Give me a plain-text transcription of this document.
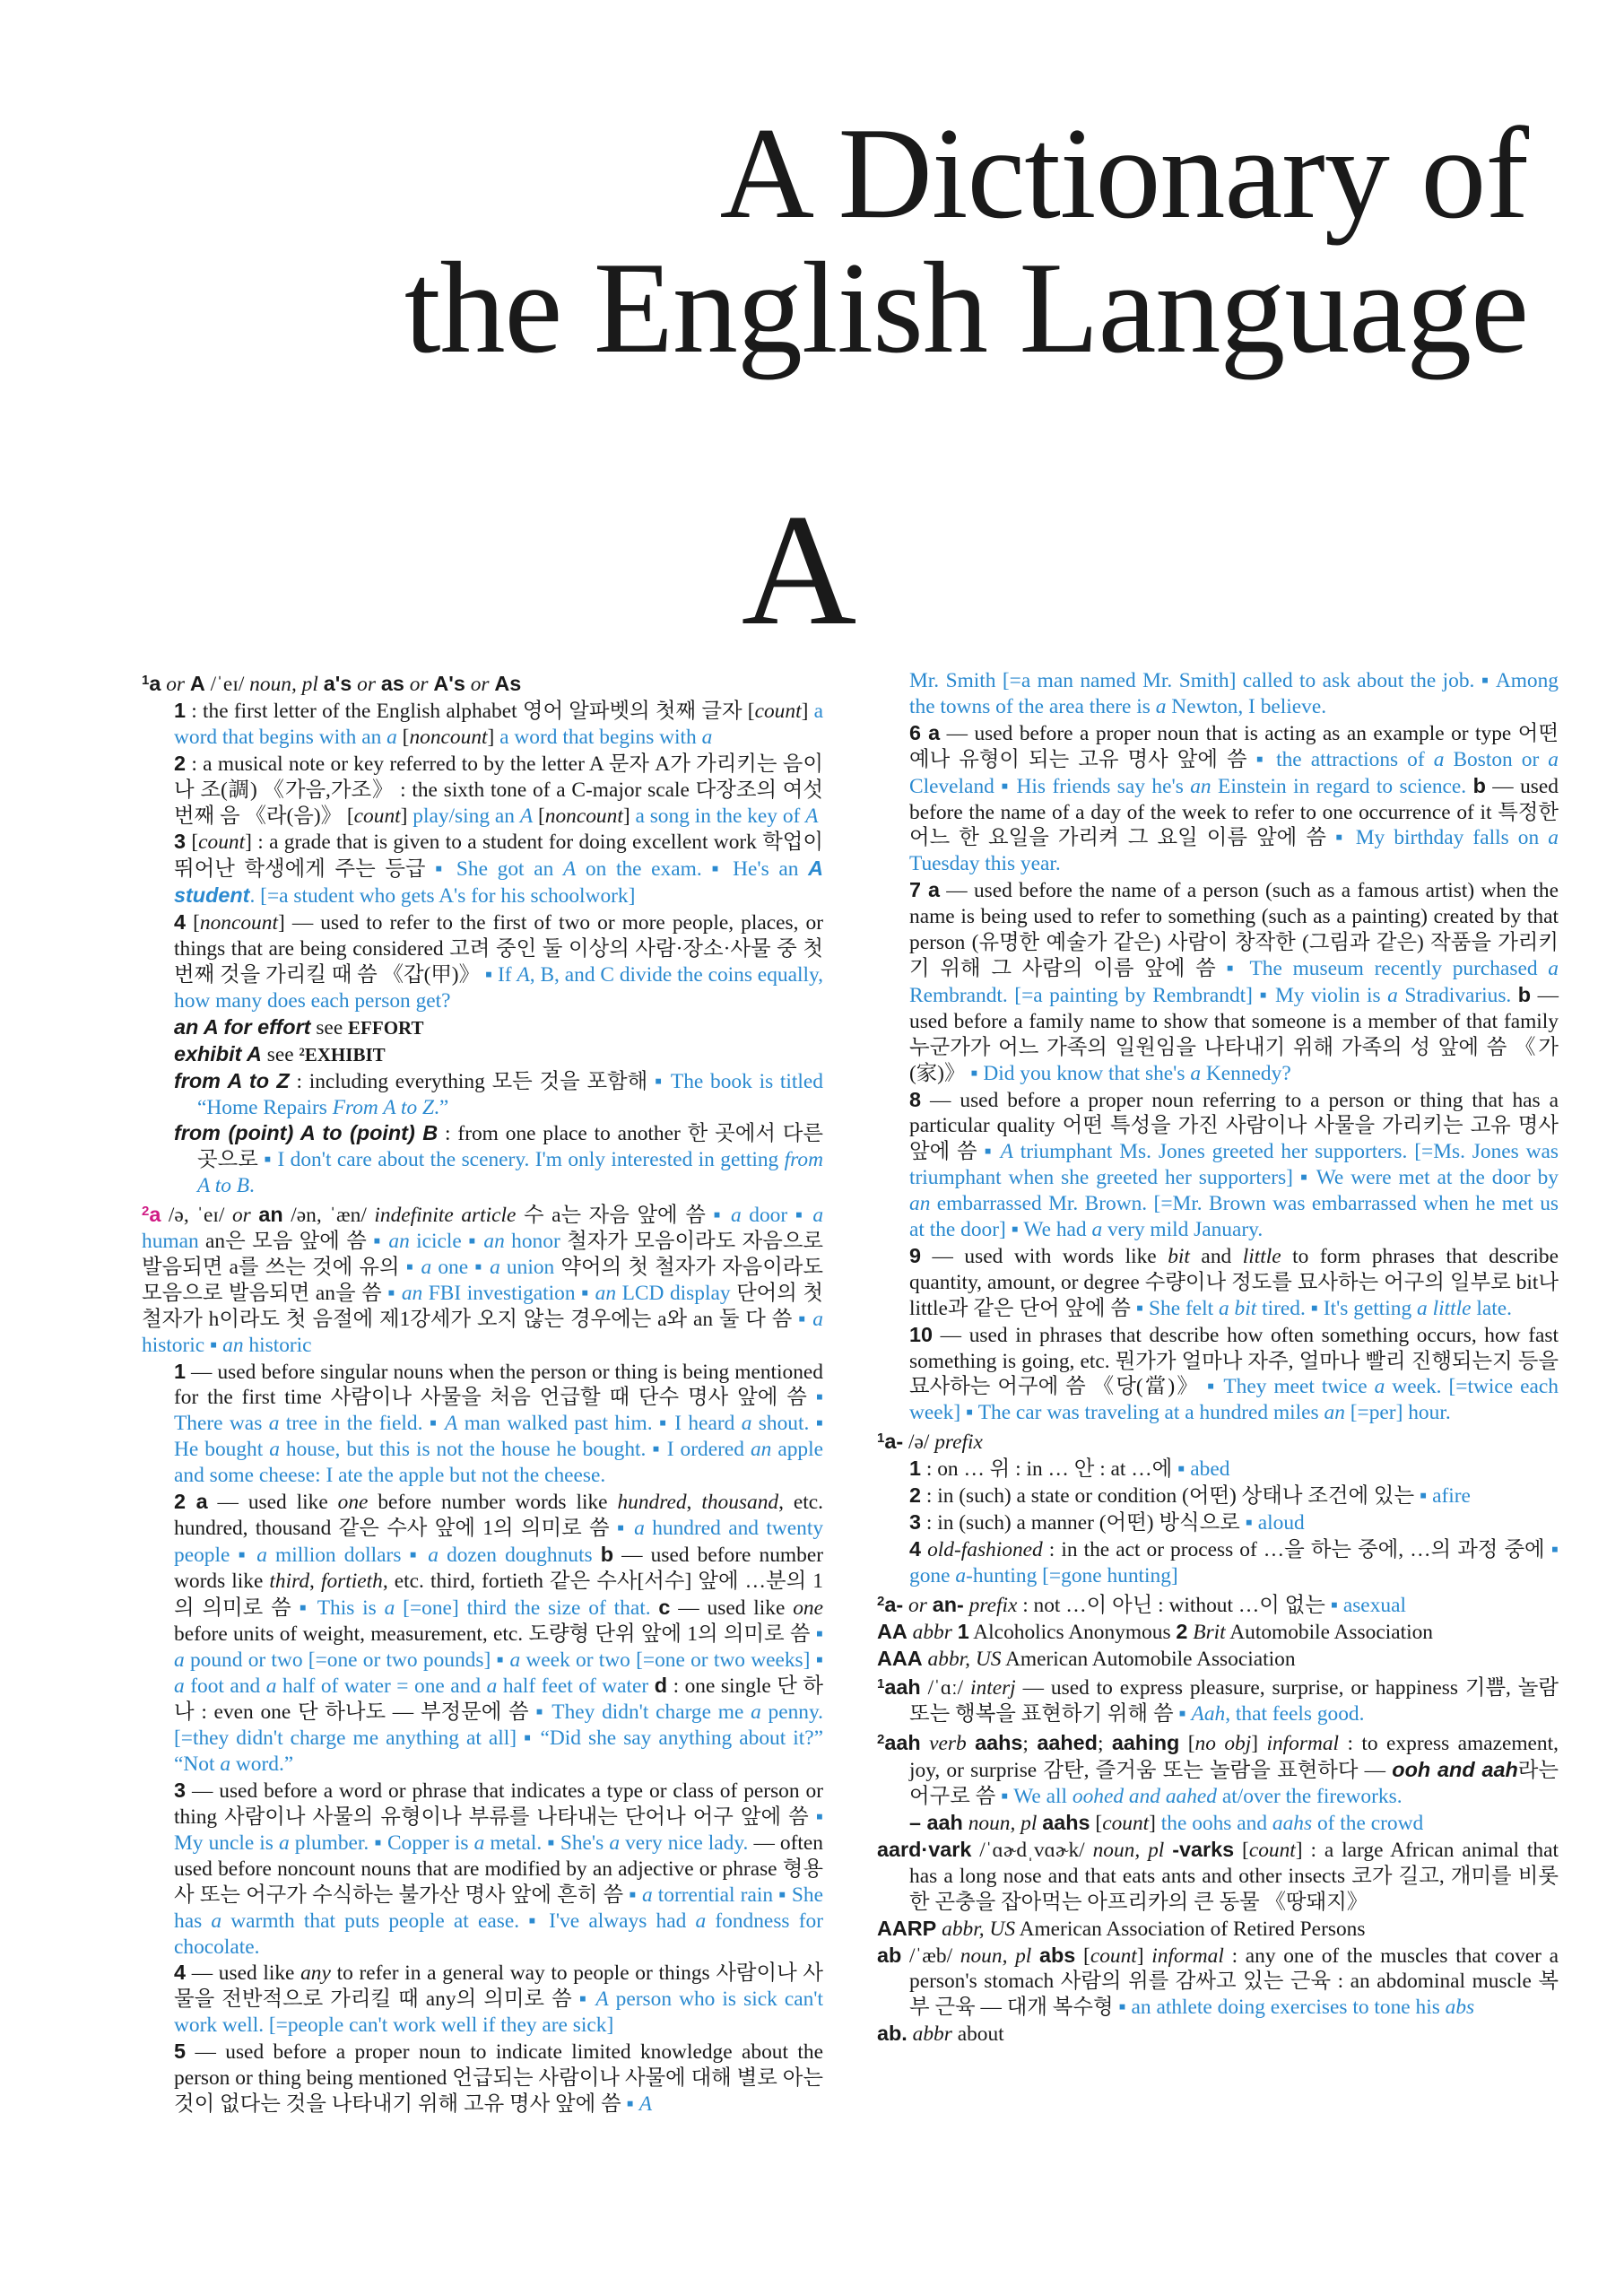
A Dictionary of
the English Language
A

$^1$a or A /ˈeɪ/ noun, pl a's or as or A's or As

1 : the first letter of the English alphabet 영어 알파벳의 첫째 글자 [count] a word that begins with an a [noncount] a word that begins with a

2 : a musical note or key referred to by the letter A 문자 A가 가리키는 음이나 조(調) 《가음,가조》 : the sixth tone of a C-major scale 다장조의 여섯 번째 음 《라(음)》 [count] play/sing an A [noncount] a song in the key of A

3 [count] : a grade that is given to a student for doing excellent work 학업이 뛰어난 학생에게 주는 등급 ▪ She got an A on the exam. ▪ He's an A student. [=a student who gets A's for his schoolwork]

4 [noncount] — used to refer to the first of two or more people, places, or things that are being considered 고려 중인 둘 이상의 사람·장소·사물 중 첫 번째 것을 가리킬 때 씀 《갑(甲)》 ▪ If A, B, and C divide the coins equally, how many does each person get?

an A for effort see EFFORT

exhibit A see ²EXHIBIT

from A to Z : including everything 모든 것을 포함해 ▪ The book is titled “Home Repairs From A to Z.”

from (point) A to (point) B : from one place to another 한 곳에서 다른 곳으로 ▪ I don't care about the scenery. I'm only interested in getting from A to B.

$^2$a /ə, ˈeɪ/ or an /ən, ˈæn/ indefinite article 수 a는 자음 앞에 씀 ▪ a door ▪ a human an은 모음 앞에 씀 ▪ an icicle ▪ an honor 철자가 모음이라도 자음으로 발음되면 a를 쓰는 것에 유의 ▪ a one ▪ a union 약어의 첫 철자가 자음이라도 모음으로 발음되면 an을 씀 ▪ an FBI investigation ▪ an LCD display 단어의 첫 철자가 h이라도 첫 음절에 제1강세가 오지 않는 경우에는 a와 an 둘 다 씀 ▪ a historic ▪ an historic

1 — used before singular nouns when the person or thing is being mentioned for the first time 사람이나 사물을 처음 언급할 때 단수 명사 앞에 씀 ▪ There was a tree in the field. ▪ A man walked past him. ▪ I heard a shout. ▪ He bought a house, but this is not the house he bought. ▪ I ordered an apple and some cheese: I ate the apple but not the cheese.

2 a — used like one before number words like hundred, thousand, etc. hundred, thousand 같은 수사 앞에 1의 의미로 씀 ▪ a hundred and twenty people ▪ a million dollars ▪ a dozen doughnuts b — used before number words like third, fortieth, etc. third, fortieth 같은 수사[서수] 앞에 …분의 1의 의미로 씀 ▪ This is a [=one] third the size of that. c — used like one before units of weight, measurement, etc. 도량형 단위 앞에 1의 의미로 씀 ▪ a pound or two [=one or two pounds] ▪ a week or two [=one or two weeks] ▪ a foot and a half of water = one and a half feet of water d : one single 단 하나 : even one 단 하나도 — 부정문에 씀 ▪ They didn't charge me a penny. [=they didn't charge me anything at all] ▪ “Did she say anything about it?” “Not a word.”

3 — used before a word or phrase that indicates a type or class of person or thing 사람이나 사물의 유형이나 부류를 나타내는 단어나 어구 앞에 씀 ▪ My uncle is a plumber. ▪ Copper is a metal. ▪ She's a very nice lady. — often used before noncount nouns that are modified by an adjective or phrase 형용사 또는 어구가 수식하는 불가산 명사 앞에 흔히 씀 ▪ a torrential rain ▪ She has a warmth that puts people at ease. ▪ I've always had a fondness for chocolate.

4 — used like any to refer in a general way to people or things 사람이나 사물을 전반적으로 가리킬 때 any의 의미로 씀 ▪ A person who is sick can't work well. [=people can't work well if they are sick]

5 — used before a proper noun to indicate limited knowledge about the person or thing being mentioned 언급되는 사람이나 사물에 대해 별로 아는 것이 없다는 것을 나타내기 위해 고유 명사 앞에 씀 ▪ A

Mr. Smith [=a man named Mr. Smith] called to ask about the job. ▪ Among the towns of the area there is a Newton, I believe.

6 a — used before a proper noun that is acting as an example or type 어떤 예나 유형이 되는 고유 명사 앞에 씀 ▪ the attractions of a Boston or a Cleveland ▪ His friends say he's an Einstein in regard to science. b — used before the name of a day of the week to refer to one occurrence of it 특정한 어느 한 요일을 가리켜 그 요일 이름 앞에 씀 ▪ My birthday falls on a Tuesday this year.

7 a — used before the name of a person (such as a famous artist) when the name is being used to refer to something (such as a painting) created by that person (유명한 예술가 같은) 사람이 창작한 (그림과 같은) 작품을 가리키기 위해 그 사람의 이름 앞에 씀 ▪ The museum recently purchased a Rembrandt. [=a painting by Rembrandt] ▪ My violin is a Stradivarius. b — used before a family name to show that someone is a member of that family 누군가가 어느 가족의 일원임을 나타내기 위해 가족의 성 앞에 씀 《가(家)》 ▪ Did you know that she's a Kennedy?

8 — used before a proper noun referring to a person or thing that has a particular quality 어떤 특성을 가진 사람이나 사물을 가리키는 고유 명사 앞에 씀 ▪ A triumphant Ms. Jones greeted her supporters. [=Ms. Jones was triumphant when she greeted her supporters] ▪ We were met at the door by an embarrassed Mr. Brown. [=Mr. Brown was embarrassed when he met us at the door] ▪ We had a very mild January.

9 — used with words like bit and little to form phrases that describe quantity, amount, or degree 수량이나 정도를 묘사하는 어구의 일부로 bit나 little과 같은 단어 앞에 씀 ▪ She felt a bit tired. ▪ It's getting a little late.

10 — used in phrases that describe how often something occurs, how fast something is going, etc. 뭔가가 얼마나 자주, 얼마나 빨리 진행되는지 등을 묘사하는 어구에 씀 《당(當)》 ▪ They meet twice a week. [=twice each week] ▪ The car was traveling at a hundred miles an [=per] hour.

$^1$a- /ə/ prefix

1 : on … 위 : in … 안 : at …에 ▪ abed

2 : in (such) a state or condition (어떤) 상태나 조건에 있는 ▪ afire

3 : in (such) a manner (어떤) 방식으로 ▪ aloud

4 old-fashioned : in the act or process of …을 하는 중에, …의 과정 중에 ▪ gone a-hunting [=gone hunting]

$^2$a- or an- prefix : not …이 아닌 : without …이 없는 ▪ asexual

AA abbr 1 Alcoholics Anonymous 2 Brit Automobile Association

AAA abbr, US American Automobile Association

$^1$aah /ˈɑː/ interj — used to express pleasure, surprise, or happiness 기쁨, 놀람 또는 행복을 표현하기 위해 씀 ▪ Aah, that feels good.

$^2$aah verb aahs; aahed; aahing [no obj] informal : to express amazement, joy, or surprise 감탄, 즐거움 또는 놀람을 표현하다 — ooh and aah라는 어구로 씀 ▪ We all oohed and aahed at/over the fireworks.

– aah noun, pl aahs [count] the oohs and aahs of the crowd

aard·vark /ˈɑɚdˌvɑɚk/ noun, pl -varks [count] : a large African animal that has a long nose and that eats ants and other insects 코가 길고, 개미를 비롯한 곤충을 잡아먹는 아프리카의 큰 동물 《땅돼지》

AARP abbr, US American Association of Retired Persons

ab /ˈæb/ noun, pl abs [count] informal : any one of the muscles that cover a person's stomach 사람의 위를 감싸고 있는 근육 : an abdominal muscle 복부 근육 — 대개 복수형 ▪ an athlete doing exercises to tone his abs

ab. abbr about
